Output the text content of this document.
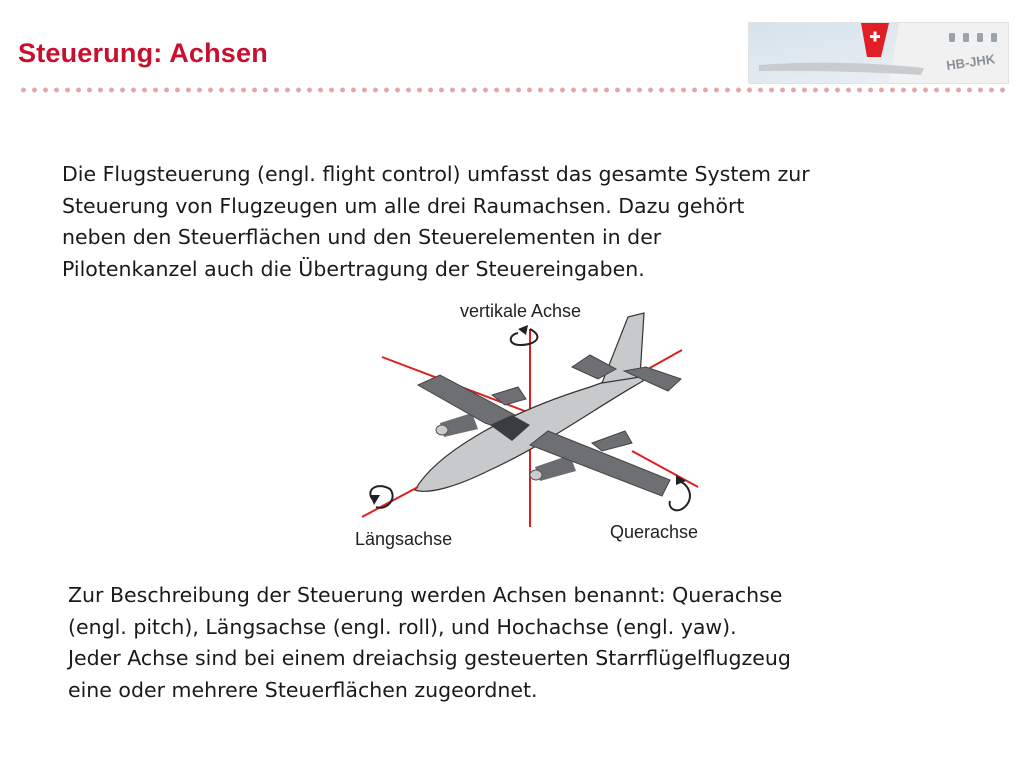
Steuerung: Achsen	HB-JHK

Die Flugsteuerung (engl. flight control) umfasst das gesamte System zur
Steuerung von Flugzeugen um alle drei Raumachsen. Dazu gehört
neben den Steuerflächen und den Steuerelementen in der
Pilotenkanzel auch die Übertragung der Steuereingaben.

vertikale Achse
Längsachse	Querachse

Zur Beschreibung der Steuerung werden Achsen benannt: Querachse
(engl. pitch), Längsachse (engl. roll), und Hochachse (engl. yaw).
Jeder Achse sind bei einem dreiachsig gesteuerten Starrflügelflugzeug
eine oder mehrere Steuerflächen zugeordnet.
